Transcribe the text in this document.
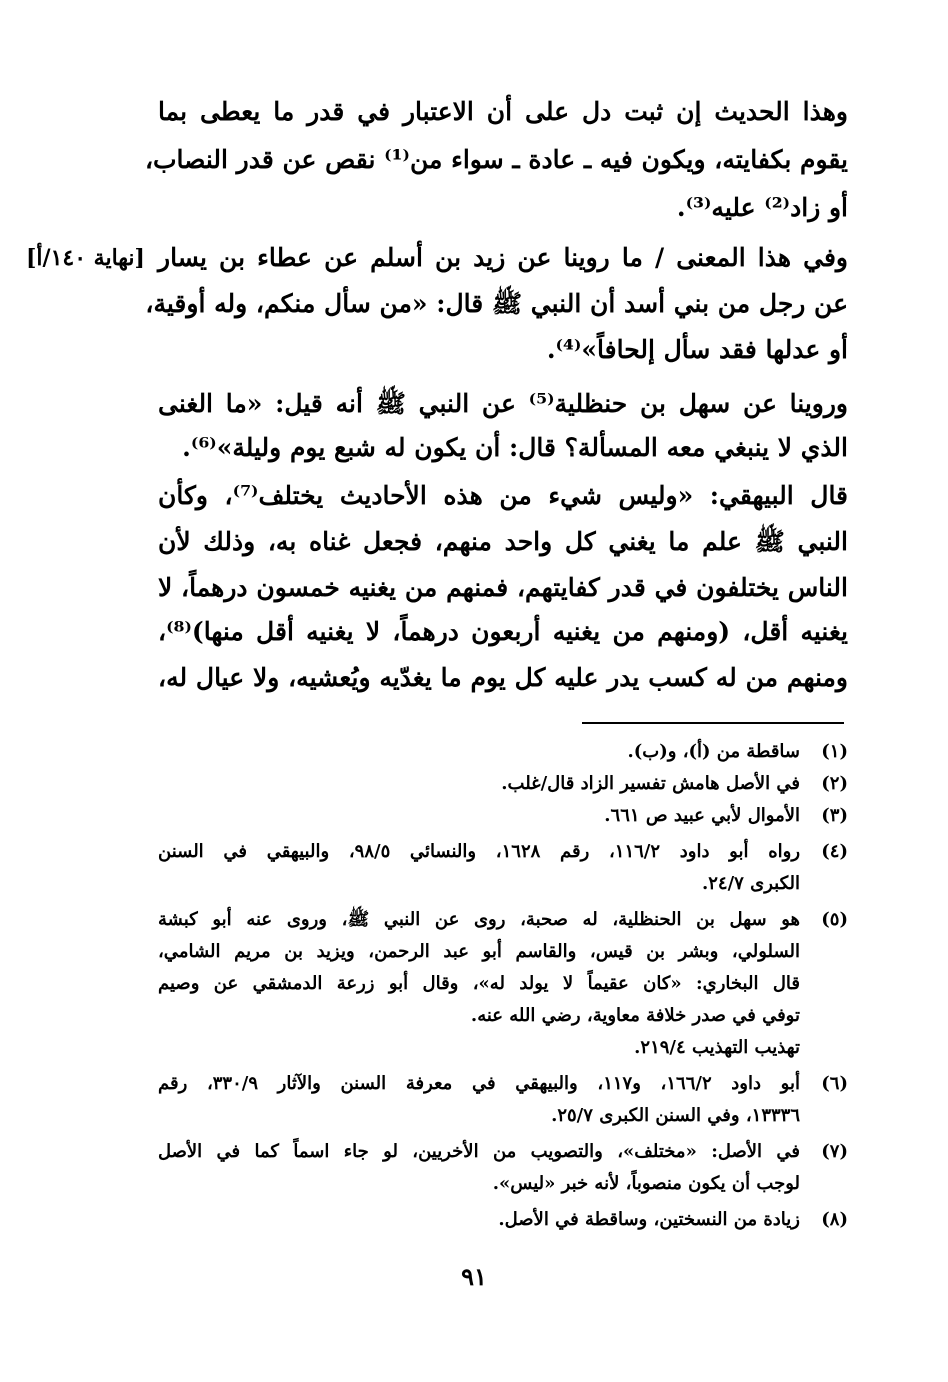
وهذا الحديث إن ثبت دل على أن الاعتبار في قدر ما يعطى بما
يقوم بكفايته، ويكون فيه ـ عادة ـ سواء من⁽¹⁾ نقص عن قدر النصاب،
أو زاد⁽²⁾ عليه⁽³⁾.
وفي هذا المعنى / ما روينا عن زيد بن أسلم عن عطاء بن يسار
[نهاية ١٤٠/أ]
عن رجل من بني أسد أن النبي ﷺ قال: «من سأل منكم، وله أوقية،
أو عدلها فقد سأل إلحافاً»⁽⁴⁾.
وروينا عن سهل بن حنظلية⁽⁵⁾ عن النبي ﷺ أنه قيل: «ما الغنى
الذي لا ينبغي معه المسألة؟ قال: أن يكون له شبع يوم وليلة»⁽⁶⁾.
قال البيهقي: «وليس شيء من هذه الأحاديث يختلف⁽⁷⁾، وكأن
النبي ﷺ علم ما يغني كل واحد منهم، فجعل غناه به، وذلك لأن
الناس يختلفون في قدر كفايتهم، فمنهم من يغنيه خمسون درهماً، لا
يغنيه أقل، (ومنهم من يغنيه أربعون درهماً، لا يغنيه أقل منها)⁽⁸⁾،
ومنهم من له كسب يدر عليه كل يوم ما يغدّيه ويُعشيه، ولا عيال له،
(١)
ساقطة من (أ)، و(ب).
(٢)
في الأصل هامش تفسير الزاد قال/غلب.
(٣)
الأموال لأبي عبيد ص ٦٦١.
(٤)
رواه أبو داود ١١٦/٢، رقم ١٦٢٨، والنسائي ٩٨/٥، والبيهقي في السنن
الكبرى ٢٤/٧.
(٥)
هو سهل بن الحنظلية، له صحبة، روى عن النبي ﷺ، وروى عنه أبو كبشة
السلولي، وبشر بن قيس، والقاسم أبو عبد الرحمن، ويزيد بن مريم الشامي،
قال البخاري: «كان عقيماً لا يولد له»، وقال أبو زرعة الدمشقي عن وصيم
توفي في صدر خلافة معاوية، رضي الله عنه.
تهذيب التهذيب ٢١٩/٤.
(٦)
أبو داود ١٦٦/٢، و١١٧، والبيهقي في معرفة السنن والآثار ٣٣٠/٩، رقم
١٣٣٣٦، وفي السنن الكبرى ٢٥/٧.
(٧)
في الأصل: «مختلف»، والتصويب من الأخريين، لو جاء اسماً كما في الأصل
لوجب أن يكون منصوباً، لأنه خبر «ليس».
(٨)
زيادة من النسختين، وساقطة في الأصل.
٩١
